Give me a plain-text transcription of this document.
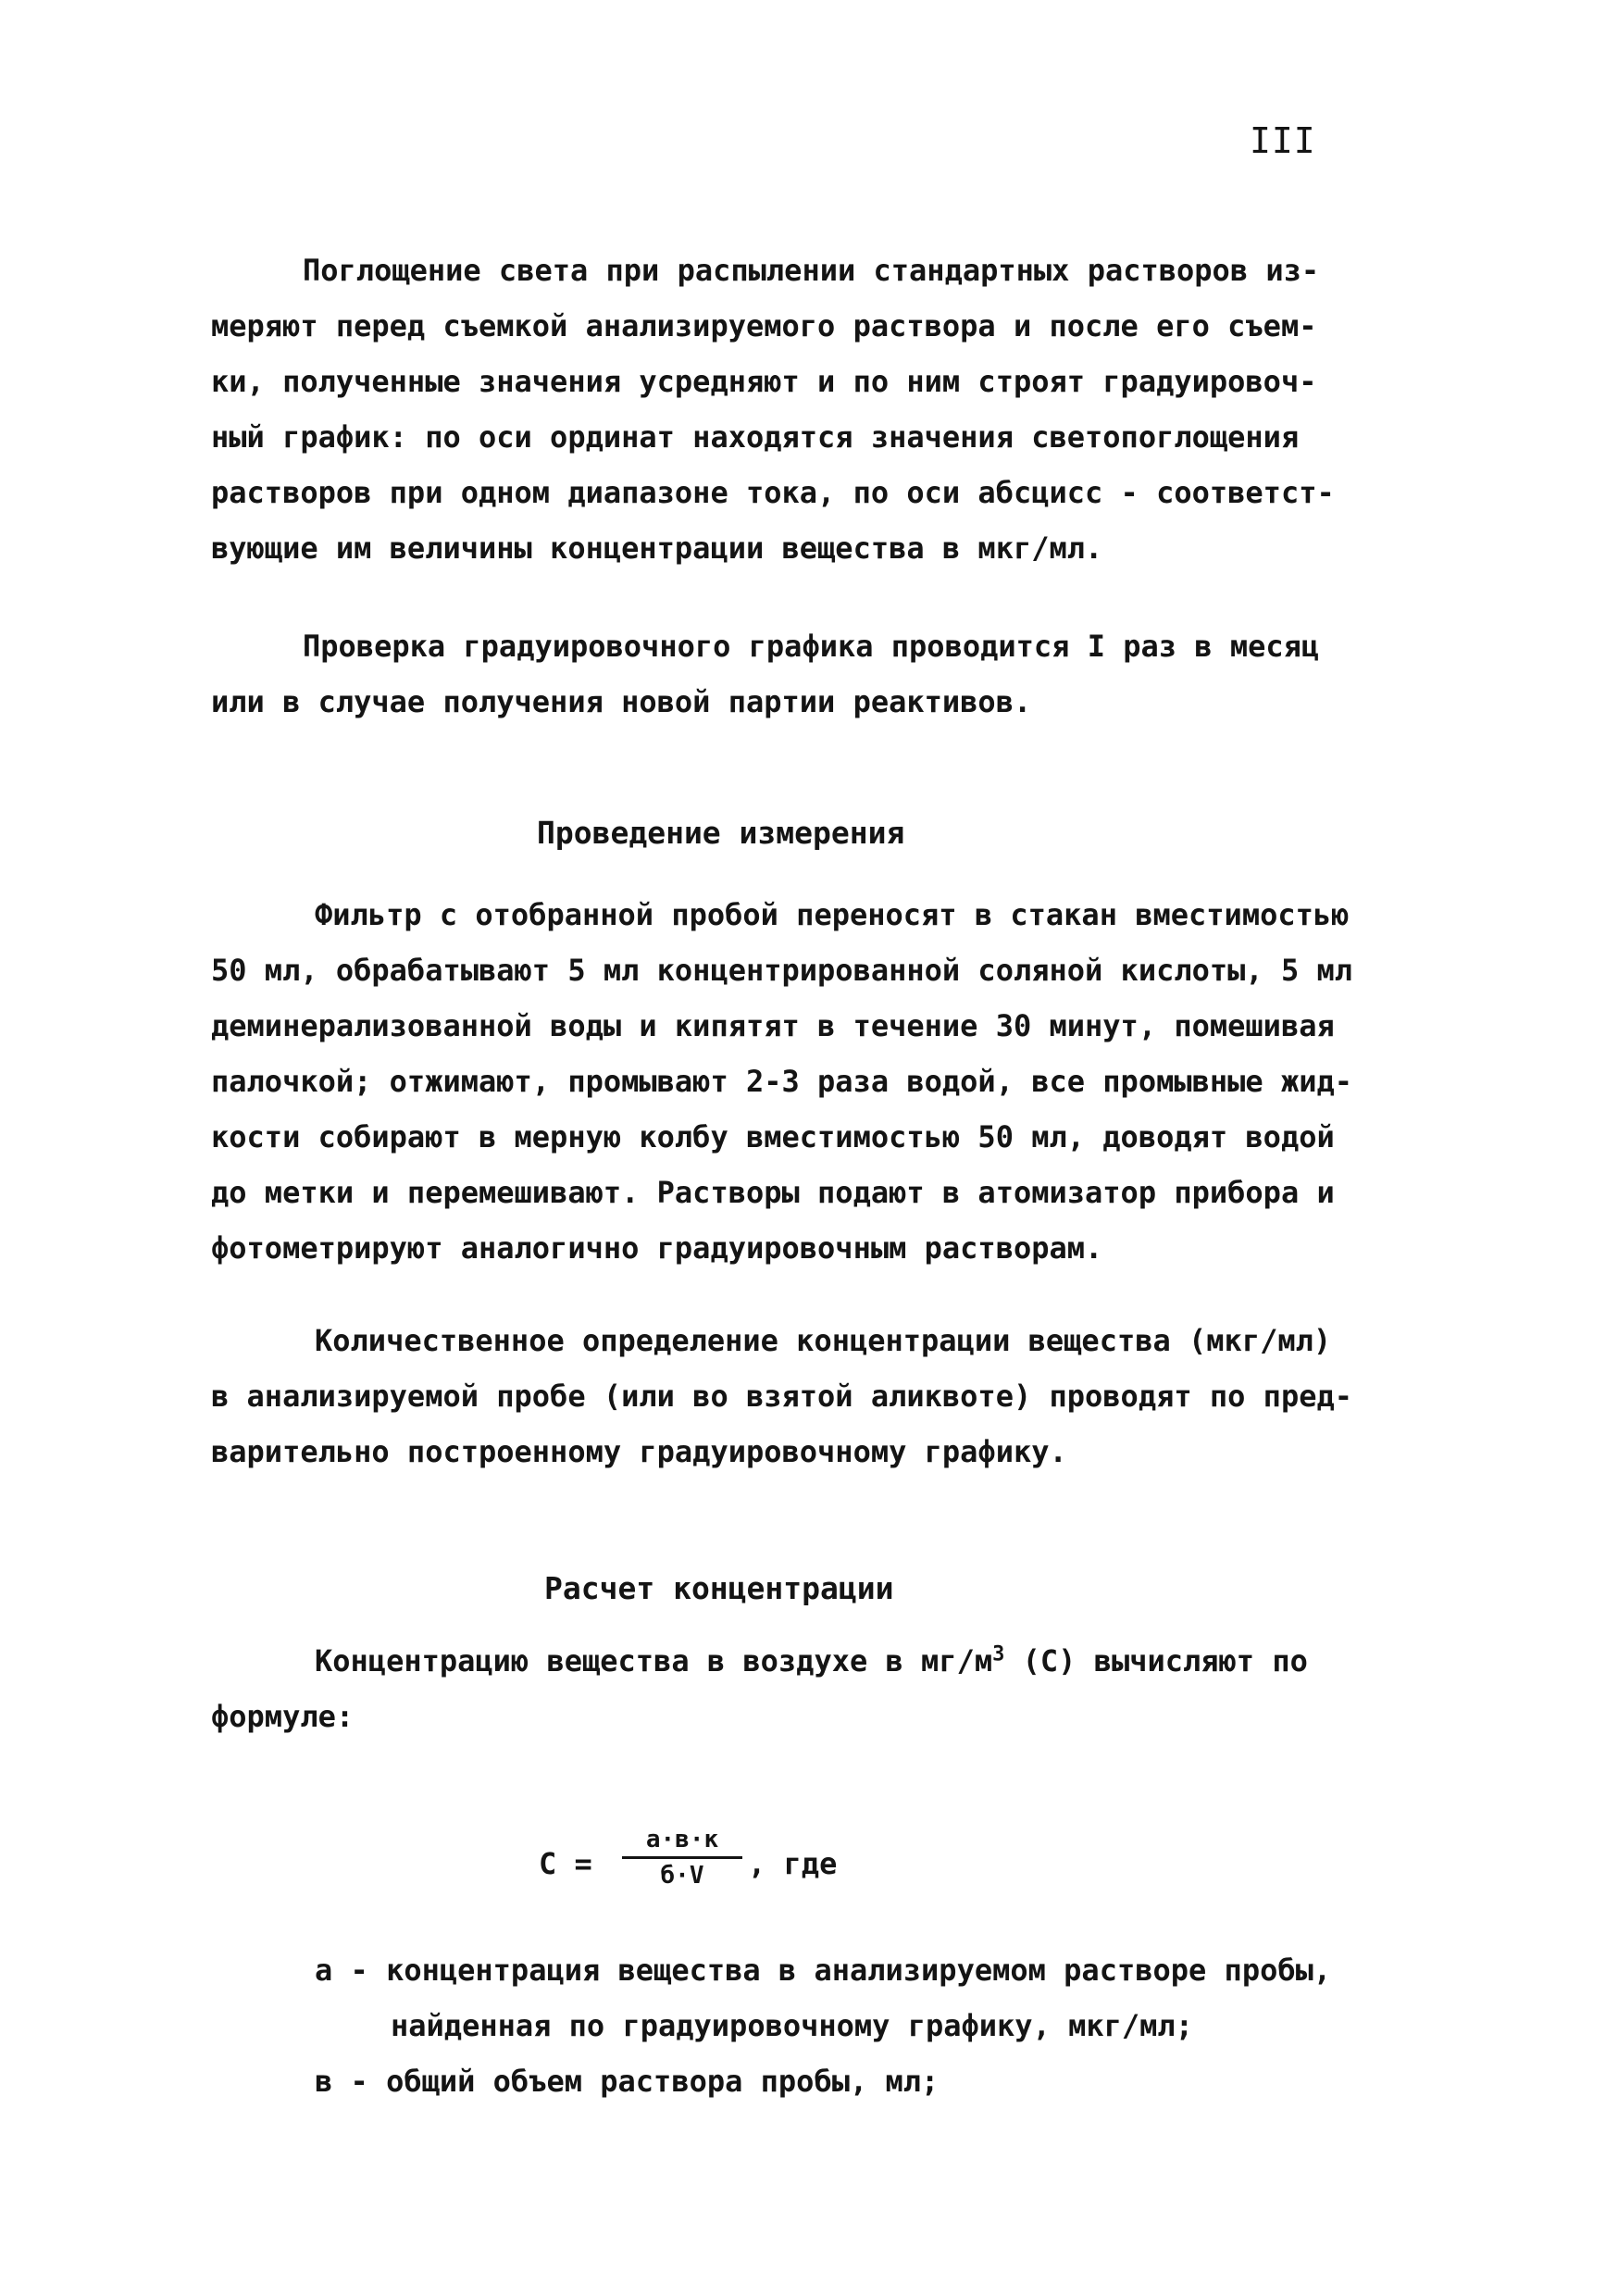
III
Поглощение света при распылении стандартных растворов из-
меряют перед съемкой анализируемого раствора и после его съем-
ки, полученные значения усредняют и по ним строят градуировоч-
ный график: по оси ординат находятся значения светопоглощения
растворов при одном диапазоне тока, по оси абсцисс - соответст-
вующие им величины концентрации вещества в мкг/мл.
Проверка градуировочного графика проводится I раз в месяц
или в случае получения новой партии реактивов.
Проведение измерения
Фильтр с отобранной пробой переносят в стакан вместимостью
50 мл, обрабатывают 5 мл концентрированной соляной кислоты, 5 мл
деминерализованной воды и кипятят в течение 30 минут, помешивая
палочкой; отжимают, промывают 2-3 раза водой, все промывные жид-
кости собирают в мерную колбу вместимостью 50 мл, доводят водой
до метки и перемешивают. Растворы подают в атомизатор прибора и
фотометрируют аналогично градуировочным растворам.
Количественное определение концентрации вещества (мкг/мл)
в анализируемой пробе (или во взятой аликвоте) проводят по пред-
варительно построенному градуировочному графику.
Расчет концентрации
Концентрацию вещества в воздухе в $мг/м^3$ (С) вычисляют по
формуле:
С =
а·в·к
б·V	, где
а - концентрация вещества в анализируемом растворе пробы,
найденная по градуировочному графику, мкг/мл;
в - общий объем раствора пробы, мл;
